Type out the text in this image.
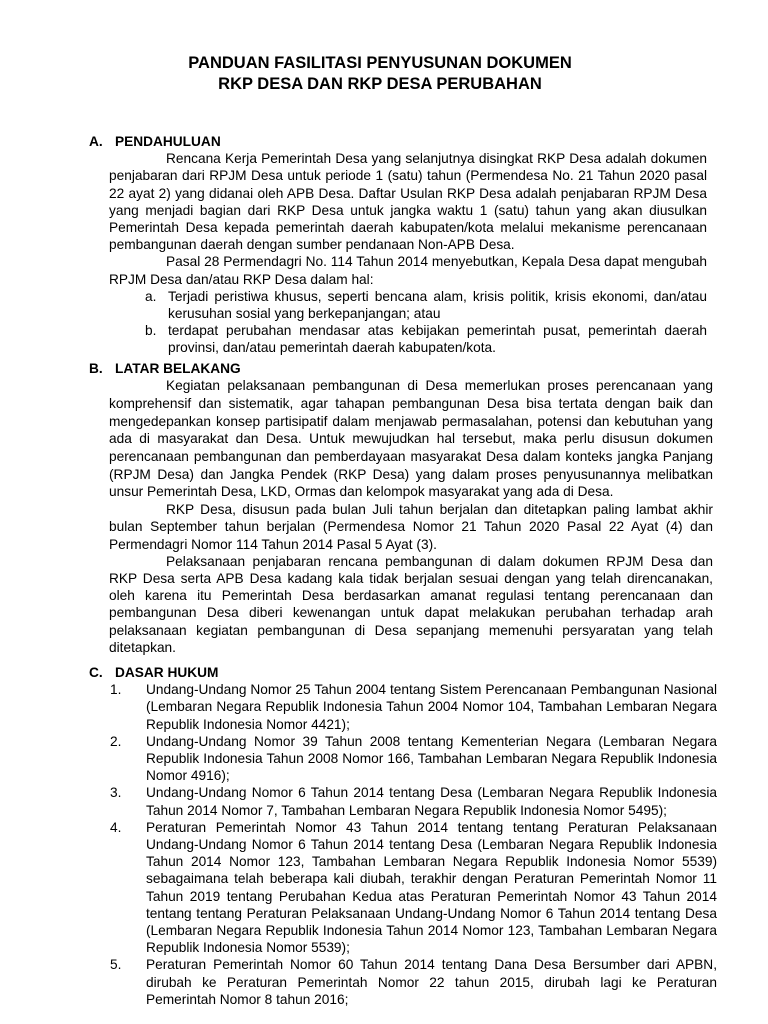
PANDUAN FASILITASI PENYUSUNAN DOKUMEN
RKP DESA DAN RKP DESA PERUBAHAN
A. PENDAHULUAN

Rencana Kerja Pemerintah Desa yang selanjutnya disingkat RKP Desa adalah dokumen penjabaran dari RPJM Desa untuk periode 1 (satu) tahun (Permendesa No. 21 Tahun 2020 pasal 22 ayat 2) yang didanai oleh APB Desa. Daftar Usulan RKP Desa adalah penjabaran RPJM Desa yang menjadi bagian dari RKP Desa untuk jangka waktu 1 (satu) tahun yang akan diusulkan Pemerintah Desa kepada pemerintah daerah kabupaten/kota melalui mekanisme perencanaan pembangunan daerah dengan sumber pendanaan Non-APB Desa.

Pasal 28 Permendagri No. 114 Tahun 2014 menyebutkan, Kepala Desa dapat mengubah RPJM Desa dan/atau RKP Desa dalam hal:

a. Terjadi peristiwa khusus, seperti bencana alam, krisis politik, krisis ekonomi, dan/atau kerusuhan sosial yang berkepanjangan; atau
b. terdapat perubahan mendasar atas kebijakan pemerintah pusat, pemerintah daerah provinsi, dan/atau pemerintah daerah kabupaten/kota.
B. LATAR BELAKANG

Kegiatan pelaksanaan pembangunan di Desa memerlukan proses perencanaan yang komprehensif dan sistematik, agar tahapan pembangunan Desa bisa tertata dengan baik dan mengedepankan konsep partisipatif dalam menjawab permasalahan, potensi dan kebutuhan yang ada di masyarakat dan Desa. Untuk mewujudkan hal tersebut, maka perlu disusun dokumen perencanaan pembangunan dan pemberdayaan masyarakat Desa dalam konteks jangka Panjang (RPJM Desa) dan Jangka Pendek (RKP Desa) yang dalam proses penyusunannya melibatkan unsur Pemerintah Desa, LKD, Ormas dan kelompok masyarakat yang ada di Desa.

RKP Desa, disusun pada bulan Juli tahun berjalan dan ditetapkan paling lambat akhir bulan September tahun berjalan (Permendesa Nomor 21 Tahun 2020 Pasal 22 Ayat (4) dan Permendagri Nomor 114 Tahun 2014 Pasal 5 Ayat (3).

Pelaksanaan penjabaran rencana pembangunan di dalam dokumen RPJM Desa dan RKP Desa serta APB Desa kadang kala tidak berjalan sesuai dengan yang telah direncanakan, oleh karena itu Pemerintah Desa berdasarkan amanat regulasi tentang perencanaan dan pembangunan Desa diberi kewenangan untuk dapat melakukan perubahan terhadap arah pelaksanaan kegiatan pembangunan di Desa sepanjang memenuhi persyaratan yang telah ditetapkan.

C. DASAR HUKUM
1.	Undang-Undang Nomor 25 Tahun 2004 tentang Sistem Perencanaan Pembangunan Nasional (Lembaran Negara Republik Indonesia Tahun 2004 Nomor 104, Tambahan Lembaran Negara Republik Indonesia Nomor 4421);
2.	Undang-Undang Nomor 39 Tahun 2008 tentang Kementerian Negara (Lembaran Negara Republik Indonesia Tahun 2008 Nomor 166, Tambahan Lembaran Negara Republik Indonesia Nomor 4916);
3.	Undang-Undang Nomor 6 Tahun 2014 tentang Desa (Lembaran Negara Republik Indonesia Tahun 2014 Nomor 7, Tambahan Lembaran Negara Republik Indonesia Nomor 5495);
4.	Peraturan Pemerintah Nomor 43 Tahun 2014 tentang tentang Peraturan Pelaksanaan Undang-Undang Nomor 6 Tahun 2014 tentang Desa (Lembaran Negara Republik Indonesia Tahun 2014 Nomor 123, Tambahan Lembaran Negara Republik Indonesia Nomor 5539) sebagaimana telah beberapa kali diubah, terakhir dengan Peraturan Pemerintah Nomor 11 Tahun 2019 tentang Perubahan Kedua atas Peraturan Pemerintah Nomor 43 Tahun 2014 tentang tentang Peraturan Pelaksanaan Undang-Undang Nomor 6 Tahun 2014 tentang Desa (Lembaran Negara Republik Indonesia Tahun 2014 Nomor 123, Tambahan Lembaran Negara Republik Indonesia Nomor 5539);
5.	Peraturan Pemerintah Nomor 60 Tahun 2014 tentang Dana Desa Bersumber dari APBN, dirubah ke Peraturan Pemerintah Nomor 22 tahun 2015, dirubah lagi ke Peraturan Pemerintah Nomor 8 tahun 2016;
